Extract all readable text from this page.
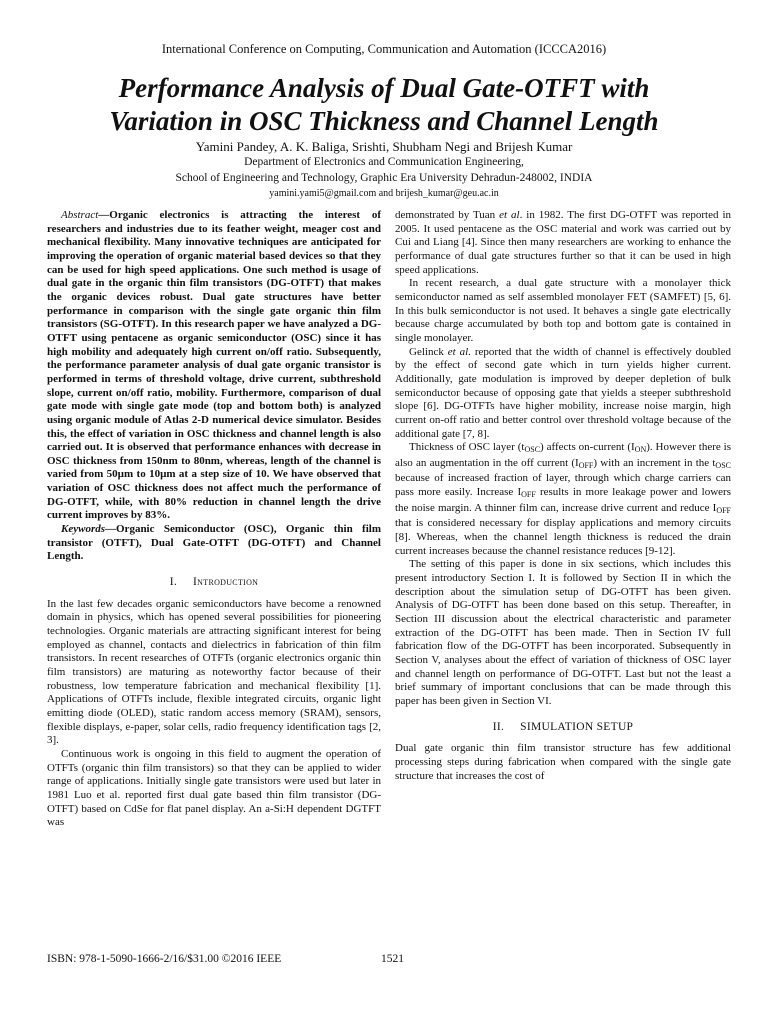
International Conference on Computing, Communication and Automation (ICCCA2016)
Performance Analysis of Dual Gate-OTFT with
Variation in OSC Thickness and Channel Length
Yamini Pandey, A. K. Baliga, Srishti, Shubham Negi and Brijesh Kumar
Department of Electronics and Communication Engineering,
School of Engineering and Technology, Graphic Era University Dehradun-248002, INDIA
yamini.yami5@gmail.com and brijesh_kumar@geu.ac.in

Abstract—Organic electronics is attracting the interest of researchers and industries due to its feather weight, meager cost and mechanical flexibility. Many innovative techniques are anticipated for improving the operation of organic material based devices so that they can be used for high speed applications. One such method is usage of dual gate in the organic thin film transistors (DG-OTFT) that makes the organic devices robust. Dual gate structures have better performance in comparison with the single gate organic thin film transistors (SG-OTFT). In this research paper we have analyzed a DG-OTFT using pentacene as organic semiconductor (OSC) since it has high mobility and adequately high current on/off ratio. Subsequently, the performance parameter analysis of dual gate organic transistor is performed in terms of threshold voltage, drive current, subthreshold slope, current on/off ratio, mobility. Furthermore, comparison of dual gate mode with single gate mode (top and bottom both) is analyzed using organic module of Atlas 2-D numerical device simulator. Besides this, the effect of variation in OSC thickness and channel length is also carried out. It is observed that performance enhances with decrease in OSC thickness from 150nm to 80nm, whereas, length of the channel is varied from 50µm to 10µm at a step size of 10. We have observed that variation of OSC thickness does not affect much the performance of DG-OTFT, while, with 80% reduction in channel length the drive current improves by 83%.

Keywords—Organic Semiconductor (OSC), Organic thin film transistor (OTFT), Dual Gate-OTFT (DG-OTFT) and Channel Length.

I. Introduction

In the last few decades organic semiconductors have become a renowned domain in physics, which has opened several possibilities for pioneering technologies. Organic materials are attracting significant interest for being employed as channel, contacts and dielectrics in fabrication of thin film transistors. In recent researches of OTFTs (organic electronics organic thin film transistors) are maturing as noteworthy factor because of their robustness, low temperature fabrication and mechanical flexibility [1]. Applications of OTFTs include, flexible integrated circuits, organic light emitting diode (OLED), static random access memory (SRAM), sensors, flexible displays, e-paper, solar cells, radio frequency identification tags [2, 3].

Continuous work is ongoing in this field to augment the operation of OTFTs (organic thin film transistors) so that they can be applied to wider range of applications. Initially single gate transistors were used but later in 1981 Luo et al. reported first dual gate based thin film transistor (DG-OTFT) based on CdSe for flat panel display. An a-Si:H dependent DGTFT was

demonstrated by Tuan et al. in 1982. The first DG-OTFT was reported in 2005. It used pentacene as the OSC material and work was carried out by Cui and Liang [4]. Since then many researchers are working to enhance the performance of dual gate structures further so that it can be used in high speed applications.

In recent research, a dual gate structure with a monolayer thick semiconductor named as self assembled monolayer FET (SAMFET) [5, 6]. In this bulk semiconductor is not used. It behaves a single gate electrically because charge accumulated by both top and bottom gate is contained in single monolayer.

Gelinck et al. reported that the width of channel is effectively doubled by the effect of second gate which in turn yields higher current. Additionally, gate modulation is improved by deeper depletion of bulk semiconductor because of opposing gate that yields a steeper subthreshold slope [6]. DG-OTFTs have higher mobility, increase noise margin, high current on-off ratio and better control over threshold voltage because of the additional gate [7, 8].

Thickness of OSC layer $(t_{OSC})$ affects on-current $(I_{ON})$. However there is also an augmentation in the off current $(I_{OFF})$ with an increment in the $t_{OSC}$ because of increased fraction of layer, through which charge carriers can pass more easily. Increase $I_{OFF}$ results in more leakage power and lowers the noise margin. A thinner film can, increase drive current and reduce $I_{OFF}$ that is considered necessary for display applications and memory circuits [8]. Whereas, when the channel length thickness is reduced the drain current increases because the channel resistance reduces [9-12].

The setting of this paper is done in six sections, which includes this present introductory Section I. It is followed by Section II in which the description about the simulation setup of DG-OTFT has been given. Analysis of DG-OTFT has been done based on this setup. Thereafter, in Section III discussion about the electrical characteristic and parameter extraction of the DG-OTFT has been made. Then in Section IV full fabrication flow of the DG-OTFT has been incorporated. Subsequently in Section V, analyses about the effect of variation of thickness of OSC layer and channel length on performance of DG-OTFT. Last but not the least a brief summary of important conclusions that can be made through this paper has been given in Section VI.

II. SIMULATION SETUP

Dual gate organic thin film transistor structure has few additional processing steps during fabrication when compared with the single gate structure that increases the cost of

ISBN: 978-1-5090-1666-2/16/$31.00 ©2016 IEEE	1521
